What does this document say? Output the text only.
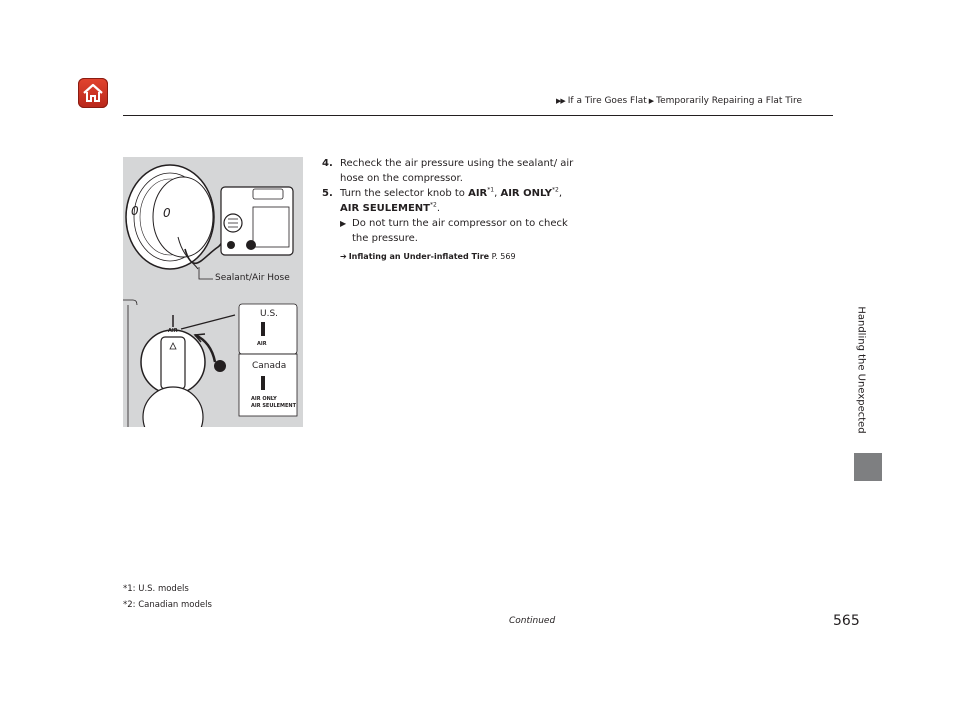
▶▶ If a Tire Goes Flat ▶ Temporarily Repairing a Flat Tire
0 0
Sealant/Air Hose
U.S.
AIR
Canada
AIR ONLY
AIR SEULEMENT
AIR
4. Recheck the air pressure using the sealant/ air hose on the compressor.
5. Turn the selector knob to AIR$^{*1}$, AIR ONLY$^{*2}$, AIR SEULEMENT$^{*2}$.
▶ Do not turn the air compressor on to check the pressure.
➔ Inflating an Under-inflated Tire P. 569
*1: U.S. models
*2: Canadian models
Continued	565
Handling the Unexpected
